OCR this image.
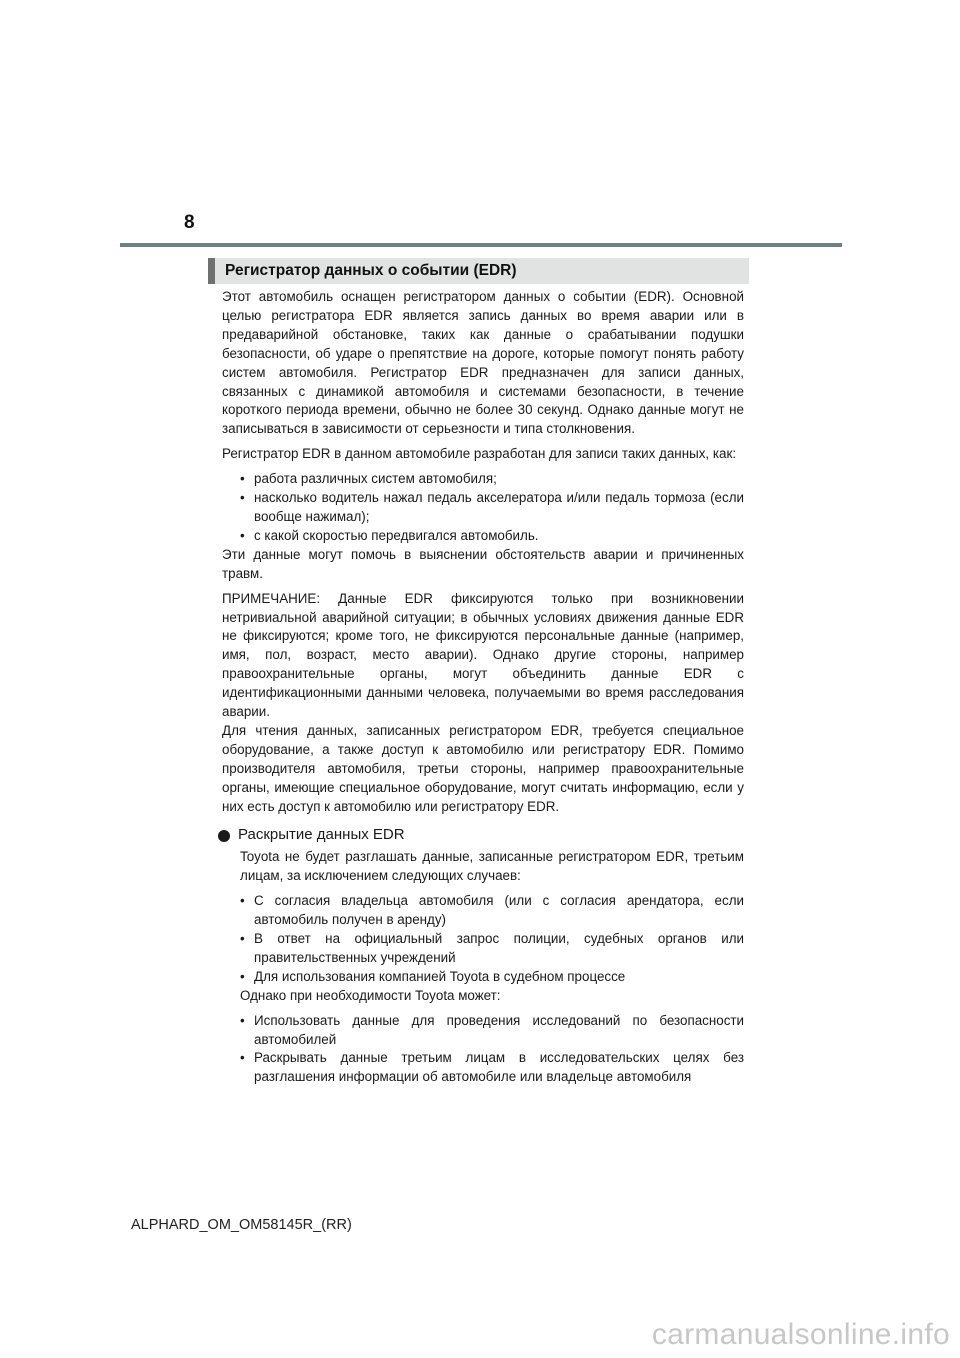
8
Регистратор данных о событии (EDR)

Этот автомобиль оснащен регистратором данных о событии (EDR). Основной целью регистратора EDR является запись данных во время аварии или в предаварийной обстановке, таких как данные о срабатывании подушки безопасности, об ударе о препятствие на дороге, которые помогут понять работу систем автомобиля. Регистратор EDR предназначен для записи данных, связанных с динамикой автомобиля и системами безопасности, в течение короткого периода времени, обычно не более 30 секунд. Однако данные могут не записываться в зависимости от серьезности и типа столкновения.

Регистратор EDR в данном автомобиле разработан для записи таких данных, как:

• работа различных систем автомобиля;
• насколько водитель нажал педаль акселератора и/или педаль тормоза (если вообще нажимал);
• с какой скоростью передвигался автомобиль.

Эти данные могут помочь в выяснении обстоятельств аварии и причиненных травм.

ПРИМЕЧАНИЕ: Данные EDR фиксируются только при возникновении нетривиальной аварийной ситуации; в обычных условиях движения данные EDR не фиксируются; кроме того, не фиксируются персональные данные (например, имя, пол, возраст, место аварии). Однако другие стороны, например правоохранительные органы, могут объединить данные EDR с идентификационными данными человека, получаемыми во время расследования аварии.

Для чтения данных, записанных регистратором EDR, требуется специальное оборудование, а также доступ к автомобилю или регистратору EDR. Помимо производителя автомобиля, третьи стороны, например правоохранительные органы, имеющие специальное оборудование, могут считать информацию, если у них есть доступ к автомобилю или регистратору EDR.

Раскрытие данных EDR

Toyota не будет разглашать данные, записанные регистратором EDR, третьим лицам, за исключением следующих случаев:

• С согласия владельца автомобиля (или с согласия арендатора, если автомобиль получен в аренду)
• В ответ на официальный запрос полиции, судебных органов или правительственных учреждений
• Для использования компанией Toyota в судебном процессе

Однако при необходимости Toyota может:

• Использовать данные для проведения исследований по безопасности автомобилей
• Раскрывать данные третьим лицам в исследовательских целях без разглашения информации об автомобиле или владельце автомобиля
ALPHARD_OM_OM58145R_(RR)
carmanualsonline.info
